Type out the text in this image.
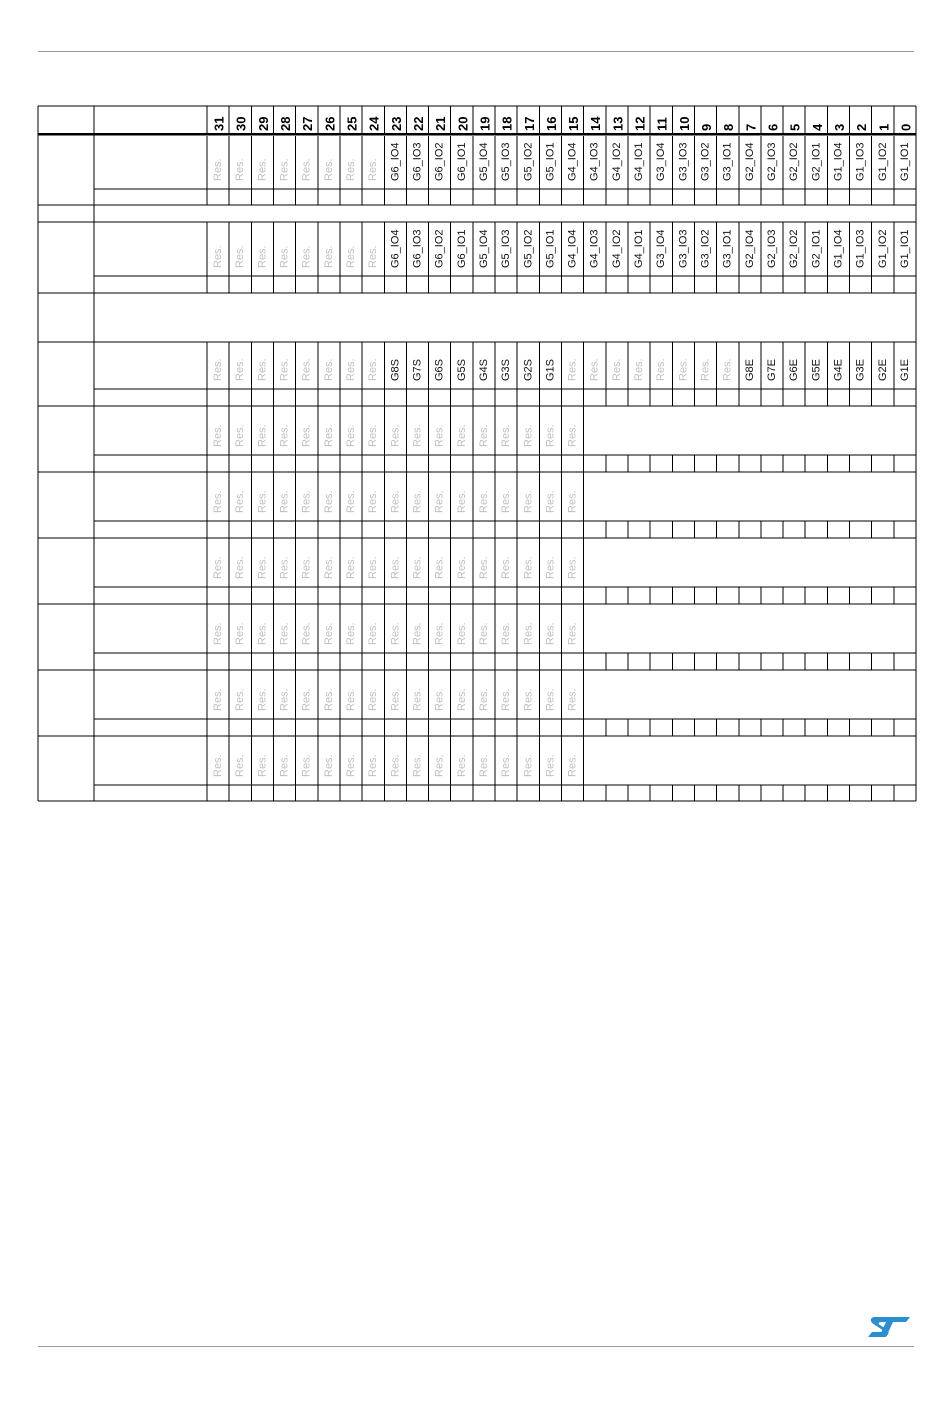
31 30 29 28 27 26 25 24 23 22 21 20 19 18 17 16 15 14 13 12 11 10 9 8 7 6 5 4 3 2 1 0
Res. Res. Res. Res. Res. Res. Res. Res. G6_IO4 G6_IO3 G6_IO2 G6_IO1 G5_IO4 G5_IO3 G5_IO2 G5_IO1 G4_IO4 G4_IO3 G4_IO2 G4_IO1 G3_IO4 G3_IO3 G3_IO2 G3_IO1 G2_IO4 G2_IO3 G2_IO2 G2_IO1 G1_IO4 G1_IO3 G1_IO2 G1_IO1
Res. Res. Res. Res. Res. Res. Res. Res. G6_IO4 G6_IO3 G6_IO2 G6_IO1 G5_IO4 G5_IO3 G5_IO2 G5_IO1 G4_IO4 G4_IO3 G4_IO2 G4_IO1 G3_IO4 G3_IO3 G3_IO2 G3_IO1 G2_IO4 G2_IO3 G2_IO2 G2_IO1 G1_IO4 G1_IO3 G1_IO2 G1_IO1
Res. Res. Res. Res. Res. Res. Res. Res. G8S G7S G6S G5S G4S G3S G2S G1S Res. Res. Res. Res. Res. Res. Res. Res. G8E G7E G6E G5E G4E G3E G2E G1E
Res. Res. Res. Res. Res. Res. Res. Res. Res. Res. Res. Res. Res. Res. Res. Res. Res.
Res. Res. Res. Res. Res. Res. Res. Res. Res. Res. Res. Res. Res. Res. Res. Res. Res.
Res. Res. Res. Res. Res. Res. Res. Res. Res. Res. Res. Res. Res. Res. Res. Res. Res.
Res. Res. Res. Res. Res. Res. Res. Res. Res. Res. Res. Res. Res. Res. Res. Res. Res.
Res. Res. Res. Res. Res. Res. Res. Res. Res. Res. Res. Res. Res. Res. Res. Res. Res.
Res. Res. Res. Res. Res. Res. Res. Res. Res. Res. Res. Res. Res. Res. Res. Res. Res.
